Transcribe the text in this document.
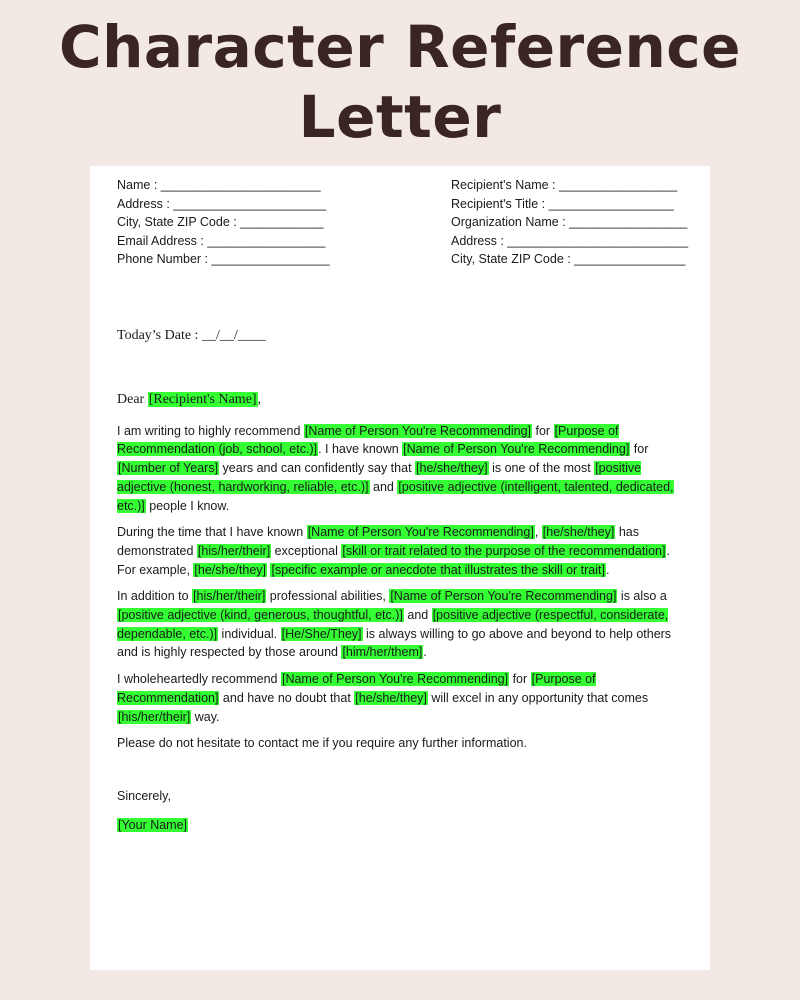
Character Reference
Letter
Name : _______________________
Address : ______________________
City, State ZIP Code : ____________
Email Address : _________________
Phone Number : _________________
Recipient's Name : _________________
Recipient's Title : __________________
Organization Name : _________________
Address : __________________________
City, State ZIP Code : ________________
Today’s Date : __/__/____
Dear [Recipient's Name],
I am writing to highly recommend [Name of Person You're Recommending] for [Purpose of Recommendation (job, school, etc.)]. I have known [Name of Person You're Recommending] for [Number of Years] years and can confidently say that [he/she/they] is one of the most [positive adjective (honest, hardworking, reliable, etc.)] and [positive adjective (intelligent, talented, dedicated, etc.)] people I know.
During the time that I have known [Name of Person You're Recommending], [he/she/they] has demonstrated [his/her/their] exceptional [skill or trait related to the purpose of the recommendation]. For example, [he/she/they] [specific example or anecdote that illustrates the skill or trait].
In addition to [his/her/their] professional abilities, [Name of Person You're Recommending] is also a [positive adjective (kind, generous, thoughtful, etc.)] and [positive adjective (respectful, considerate, dependable, etc.)] individual. [He/She/They] is always willing to go above and beyond to help others and is highly respected by those around [him/her/them].
I wholeheartedly recommend [Name of Person You're Recommending] for [Purpose of Recommendation] and have no doubt that [he/she/they] will excel in any opportunity that comes [his/her/their] way.
Please do not hesitate to contact me if you require any further information.
Sincerely,
[Your Name]
